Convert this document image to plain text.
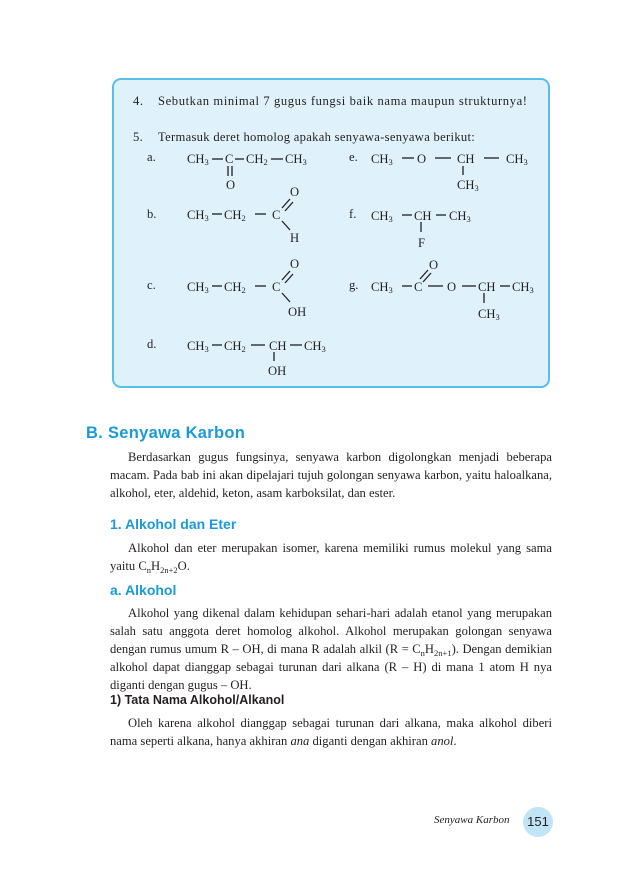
4.	Sebutkan minimal 7 gugus fungsi baik nama maupun strukturnya!
5.	Termasuk deret homolog apakah senyawa-senyawa berikut:
a.
b.
c.
d.
e.
f.
g.
$CH_3$ C $CH_2$ $CH_3$
O	O
$CH_3$ $CH_2$ C
H
O
$CH_3$ $CH_2$ C
OH
$CH_3$ $CH_2$ CH $CH_3$
OH
$CH_3$ O CH	$CH_3$
$CH_3$
$CH_3$ CH $CH_3$
F
O
$CH_3$ C O CH $CH_3$
$CH_3$
B. Senyawa Karbon

Berdasarkan gugus fungsinya, senyawa karbon digolongkan menjadi beberapa macam. Pada bab ini akan dipelajari tujuh golongan senyawa karbon, yaitu haloalkana, alkohol, eter, aldehid, keton, asam karboksilat, dan ester.

1. Alkohol dan Eter

Alkohol dan eter merupakan isomer, karena memiliki rumus molekul yang sama yaitu $C_nH_{2n+2}O$.

a. Alkohol

Alkohol yang dikenal dalam kehidupan sehari-hari adalah etanol yang merupakan salah satu anggota deret homolog alkohol. Alkohol merupakan golongan senyawa dengan rumus umum R – OH, di mana R adalah alkil $(R = C_nH_{2n+1})$. Dengan demikian alkohol dapat dianggap sebagai turunan dari alkana (R – H) di mana 1 atom H nya diganti dengan gugus – OH.

1) Tata Nama Alkohol/Alkanol

Oleh karena alkohol dianggap sebagai turunan dari alkana, maka alkohol diberi nama seperti alkana, hanya akhiran ana diganti dengan akhiran anol.

Senyawa Karbon	151
